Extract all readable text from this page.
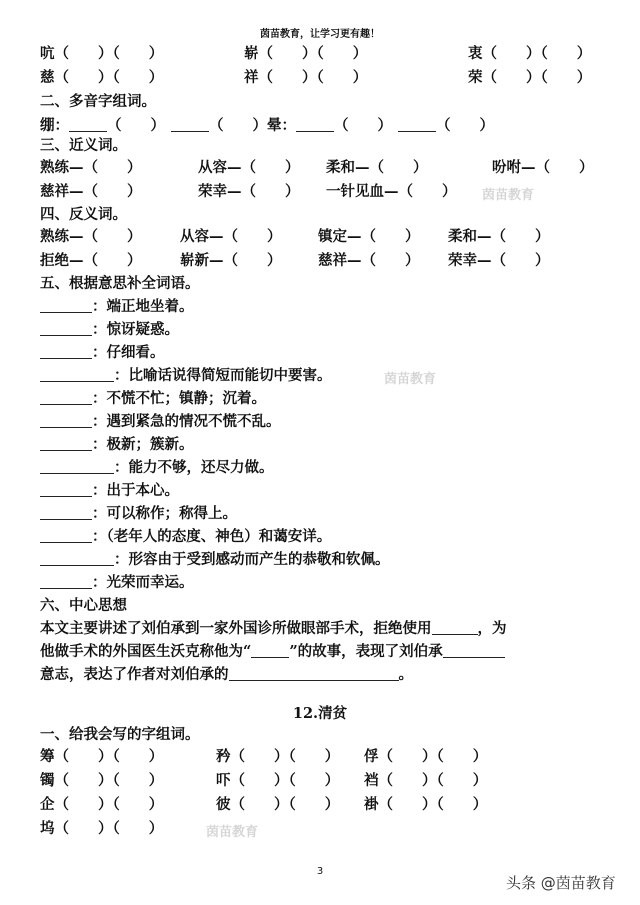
茵苗教育，让学习更有趣！
吭（　　）（　　）	崭（　　）（　　）	衷（　　）（　　）
慈（　　）（　　）	祥（　　）（　　）	荣（　　）（　　）
二、多音字组词。
绷：	（　　）	（　　）晕：	（　　）	（　　）
三、近义词。
熟练—（　　）	从容—（　　） 柔和—（　　）	吩咐—（　　）
慈祥—（　　）	荣幸—（　　） 一针见血—（　　） 茵苗教育
四、反义词。
熟练—（　　）	从容—（　　）	镇定—（　　） 柔和—（　　）
拒绝—（　　）	崭新—（　　）	慈祥—（　　） 荣幸—（　　）
五、根据意思补全词语。
：端正地坐着。
：惊讶疑惑。
：仔细看。
：比喻话说得简短而能切中要害。	茵苗教育
：不慌不忙；镇静；沉着。
：遇到紧急的情况不慌不乱。
：极新；簇新。
：能力不够，还尽力做。
：出于本心。
：可以称作；称得上。
：（老年人的态度、神色）和蔼安详。
：形容由于受到感动而产生的恭敬和钦佩。
：光荣而幸运。
六、中心思想
本文主要讲述了刘伯承到一家外国诊所做眼部手术，拒绝使用	，为
他做手术的外国医生沃克称他为“	”的故事，表现了刘伯承
意志，表达了作者对刘伯承的	。
12.清贫
一、给我会写的字组词。
筹（　　）（　　）	矜（　　）（　　） 俘（　　）（　　）
镯（　　）（　　）	吓（　　）（　　） 裆（　　）（　　）
企（　　）（　　）	彼（　　）（　　） 褂（　　）（　　）
坞（　　）（　　）	茵苗教育
3
头条 @茵苗教育
